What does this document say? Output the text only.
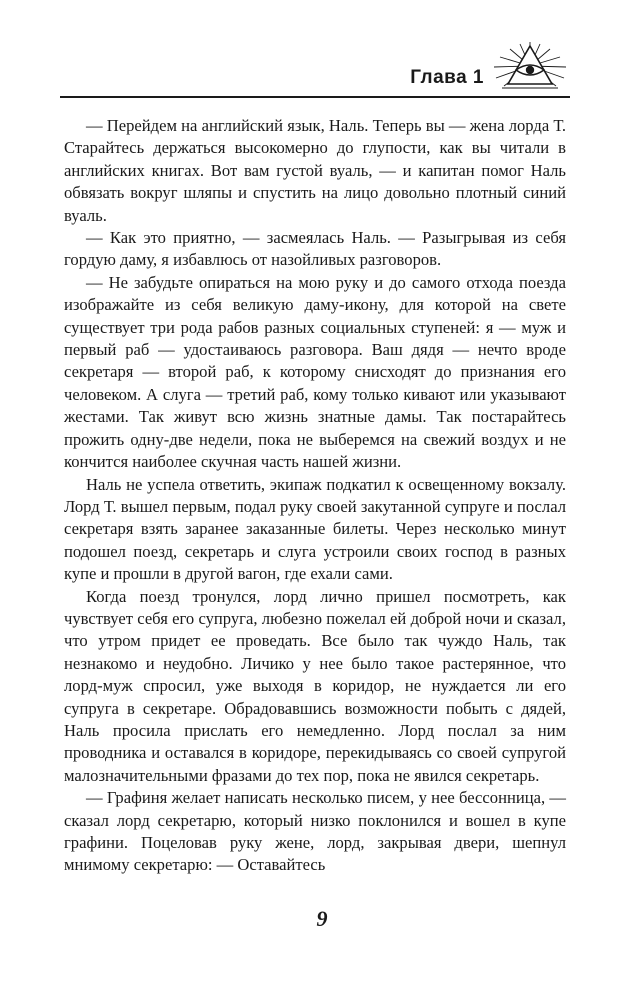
Глава 1

— Перейдем на английский язык, Наль. Теперь вы — жена лорда Т. Старайтесь держаться высокомерно до глупости, как вы читали в английских книгах. Вот вам густой вуаль, — и капитан помог Наль обвязать вокруг шляпы и спустить на лицо довольно плотный синий вуаль.

— Как это приятно, — засмеялась Наль. — Разыгрывая из себя гордую даму, я избавлюсь от назойливых разговоров.

— Не забудьте опираться на мою руку и до самого отхода поезда изображайте из себя великую даму-икону, для которой на свете существует три рода рабов разных социальных ступеней: я — муж и первый раб — удостаиваюсь разговора. Ваш дядя — нечто вроде секретаря — второй раб, к которому снисходят до признания его человеком. А слуга — третий раб, кому только кивают или указывают жестами. Так живут всю жизнь знатные дамы. Так постарайтесь прожить одну-две недели, пока не выберемся на свежий воздух и не кончится наиболее скучная часть нашей жизни.

Наль не успела ответить, экипаж подкатил к освещенному вокзалу. Лорд Т. вышел первым, подал руку своей закутанной супруге и послал секретаря взять заранее заказанные билеты. Через несколько минут подошел поезд, секретарь и слуга устроили своих господ в разных купе и прошли в другой вагон, где ехали сами.

Когда поезд тронулся, лорд лично пришел посмотреть, как чувствует себя его супруга, любезно пожелал ей доброй ночи и сказал, что утром придет ее проведать. Все было так чуждо Наль, так незнакомо и неудобно. Личико у нее было такое растерянное, что лорд-муж спросил, уже выходя в коридор, не нуждается ли его супруга в секретаре. Обрадовавшись возможности побыть с дядей, Наль просила прислать его немедленно. Лорд послал за ним проводника и оставался в коридоре, перекидываясь со своей супругой малозначительными фразами до тех пор, пока не явился секретарь.

— Графиня желает написать несколько писем, у нее бессонница, — сказал лорд секретарю, который низко поклонился и вошел в купе графини. Поцеловав руку жене, лорд, закрывая двери, шепнул мнимому секретарю: — Оставайтесь

9
